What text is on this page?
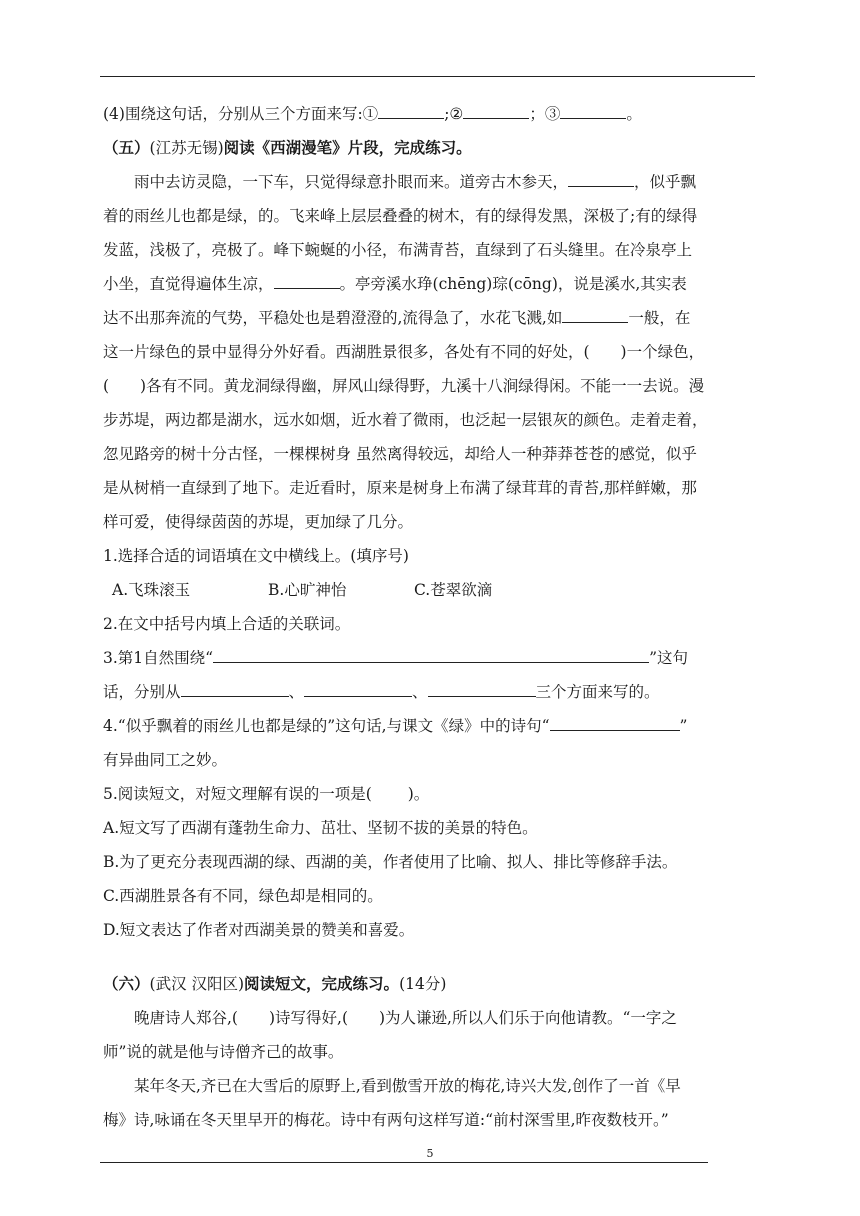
(4)围绕这句话，分别从三个方面来写:①	;②	；③	。
（五）(江苏无锡)阅读《西湖漫笔》片段，完成练习。
雨中去访灵隐，一下车，只觉得绿意扑眼而来。道旁古木参天，	，似乎飘
着的雨丝儿也都是绿，的。飞来峰上层层叠叠的树木，有的绿得发黑，深极了;有的绿得
发蓝，浅极了，亮极了。峰下蜿蜒的小径，布满青苔，直绿到了石头缝里。在冷泉亭上
小坐，直觉得遍体生凉，	。亭旁溪水琤(chēng)琮(cōng)，说是溪水,其实表
达不出那奔流的气势，平稳处也是碧澄澄的,流得急了，水花飞溅,如	一般，在
这一片绿色的景中显得分外好看。西湖胜景很多，各处有不同的好处，(　　)一个绿色，
(　　)各有不同。黄龙洞绿得幽，屏风山绿得野，九溪十八涧绿得闲。不能一一去说。漫
步苏堤，两边都是湖水，远水如烟，近水着了微雨，也泛起一层银灰的颜色。走着走着，
忽见路旁的树十分古怪，一棵棵树身 虽然离得较远，却给人一种莽莽苍苍的感觉，似乎
是从树梢一直绿到了地下。走近看时，原来是树身上布满了绿茸茸的青苔,那样鲜嫩，那
样可爱，使得绿茵茵的苏堤，更加绿了几分。
1.选择合适的词语填在文中横线上。(填序号)
A.飞珠滚玉	B.心旷神怡	C.苍翠欲滴
2.在文中括号内填上合适的关联词。
3.第1自然围绕“	”这句
话，分别从	、	、	三个方面来写的。
4.“似乎飘着的雨丝儿也都是绿的”这句话,与课文《绿》中的诗句“	”
有异曲同工之妙。
5.阅读短文，对短文理解有误的一项是(　　 )。
A.短文写了西湖有蓬勃生命力、茁壮、坚韧不拔的美景的特色。
B.为了更充分表现西湖的绿、西湖的美，作者使用了比喻、拟人、排比等修辞手法。
C.西湖胜景各有不同，绿色却是相同的。
D.短文表达了作者对西湖美景的赞美和喜爱。
（六）(武汉 汉阳区)阅读短文，完成练习。(14分)
晚唐诗人郑谷,(　　)诗写得好,(　　)为人谦逊,所以人们乐于向他请教。“一字之
师”说的就是他与诗僧齐己的故事。
某年冬天,齐已在大雪后的原野上,看到傲雪开放的梅花,诗兴大发,创作了一首《早
梅》诗,咏诵在冬天里早开的梅花。诗中有两句这样写道:“前村深雪里,昨夜数枝开。”
5
